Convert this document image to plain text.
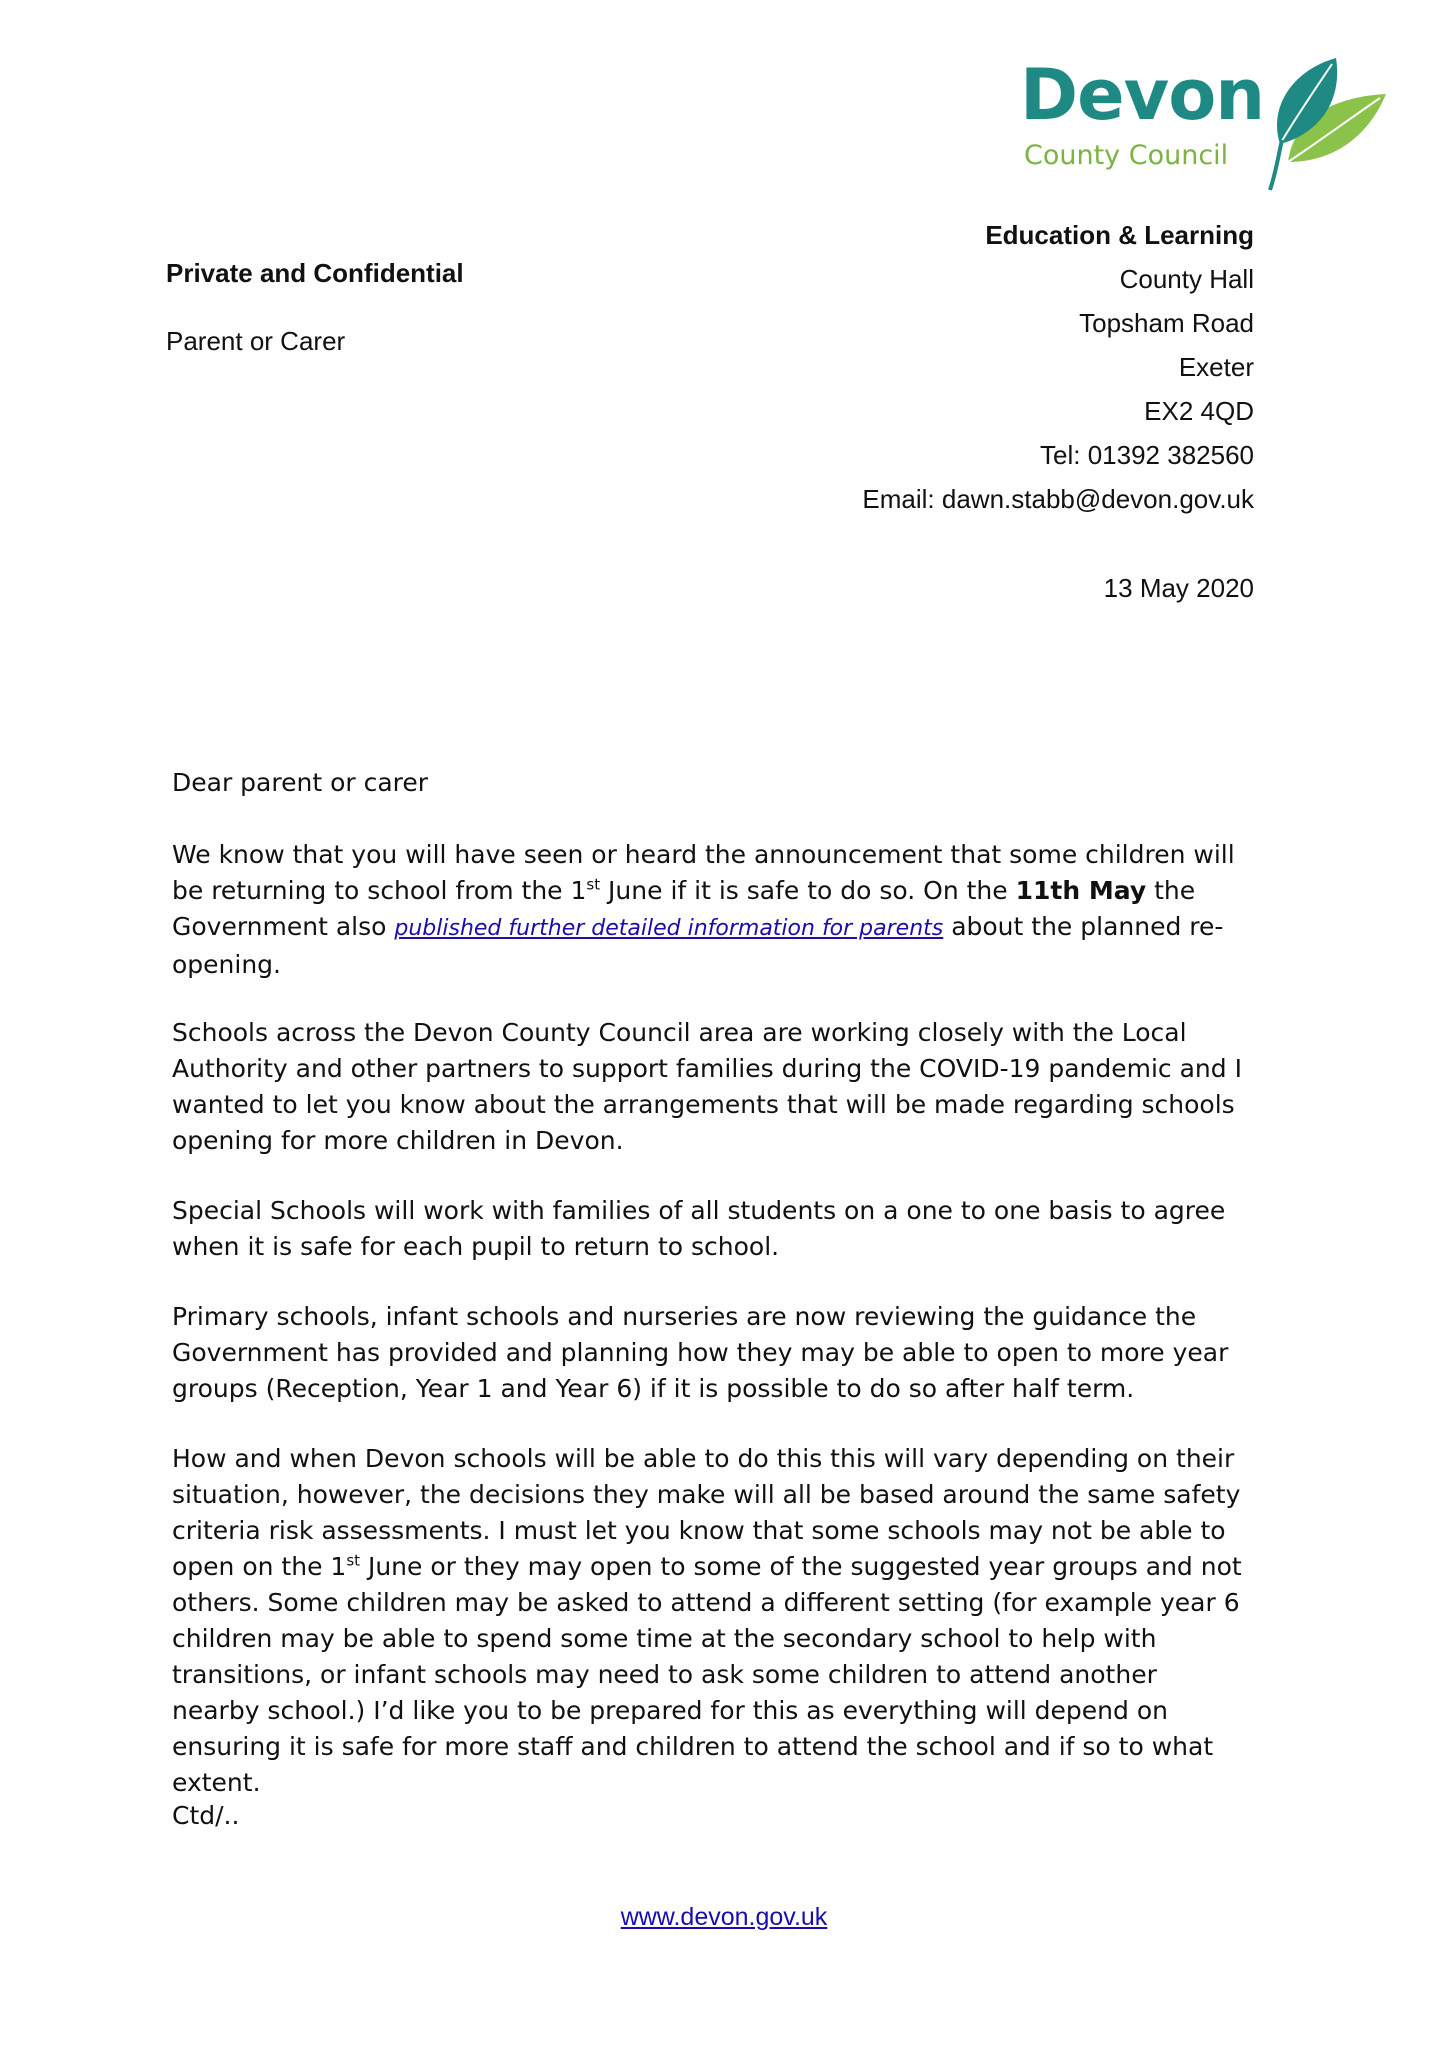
Devon
County Council
Education & Learning
County Hall
Topsham Road
Exeter
EX2 4QD
Tel: 01392 382560
Email: dawn.stabb@devon.gov.uk
13 May 2020
Private and Confidential
Parent or Carer

Dear parent or carer

We know that you will have seen or heard the announcement that some children will be returning to school from the 1st June if it is safe to do so. On the 11th May the Government also published further detailed information for parents about the planned re-opening.

Schools across the Devon County Council area are working closely with the Local Authority and other partners to support families during the COVID-19 pandemic and I wanted to let you know about the arrangements that will be made regarding schools opening for more children in Devon.

Special Schools will work with families of all students on a one to one basis to agree when it is safe for each pupil to return to school.

Primary schools, infant schools and nurseries are now reviewing the guidance the Government has provided and planning how they may be able to open to more year groups (Reception, Year 1 and Year 6) if it is possible to do so after half term.

How and when Devon schools will be able to do this this will vary depending on their situation, however, the decisions they make will all be based around the same safety criteria risk assessments. I must let you know that some schools may not be able to open on the 1st June or they may open to some of the suggested year groups and not others. Some children may be asked to attend a different setting (for example year 6 children may be able to spend some time at the secondary school to help with transitions, or infant schools may need to ask some children to attend another nearby school.) I’d like you to be prepared for this as everything will depend on ensuring it is safe for more staff and children to attend the school and if so to what extent.

Ctd/..

www.devon.gov.uk
